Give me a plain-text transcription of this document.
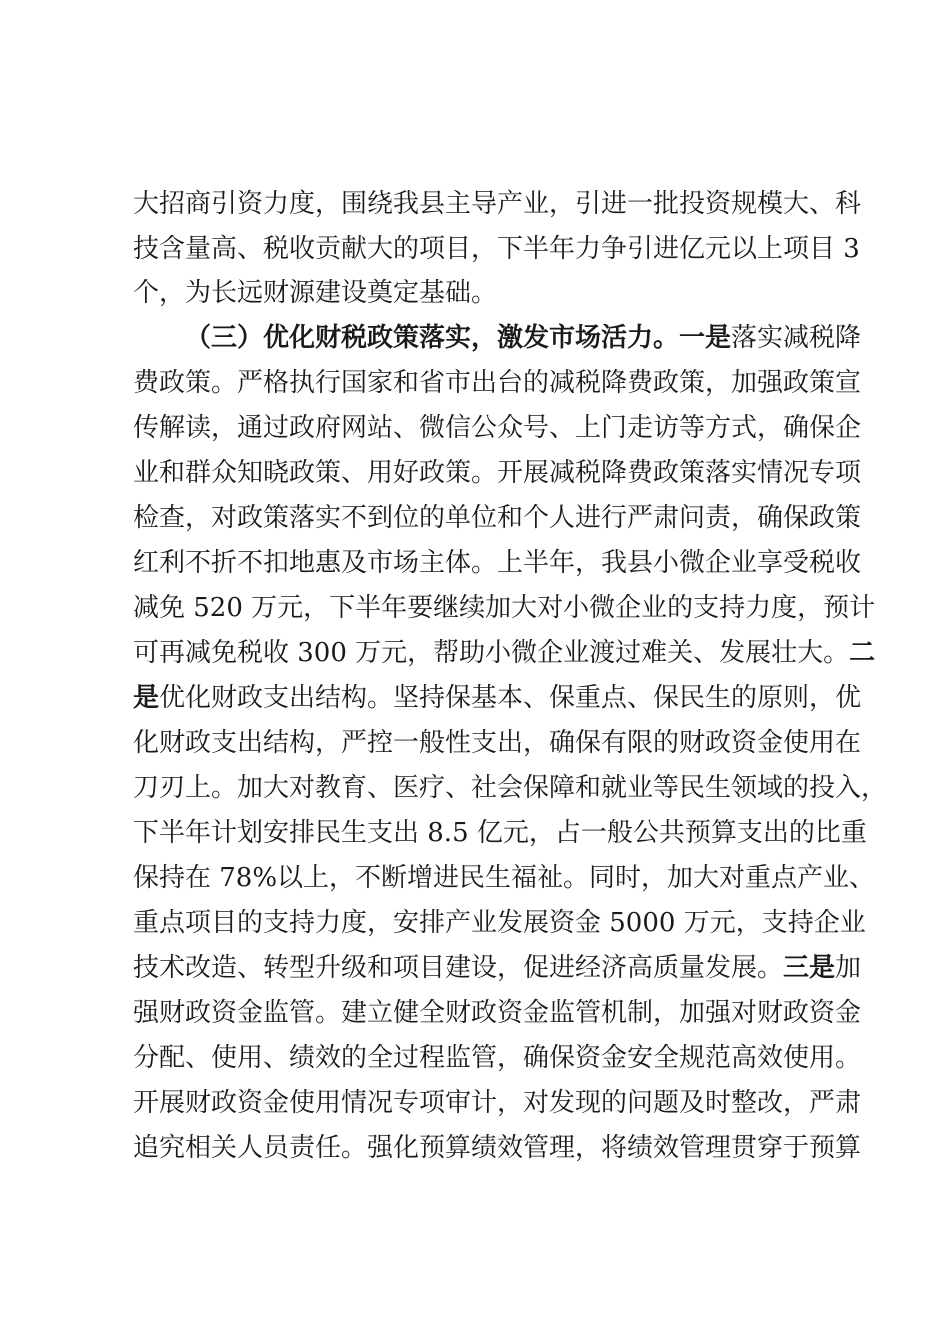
大招商引资力度，围绕我县主导产业，引进一批投资规模大、科

技含量高、税收贡献大的项目，下半年力争引进亿元以上项目 3

个，为长远财源建设奠定基础。

（三）优化财税政策落实，激发市场活力。一是落实减税降

费政策。严格执行国家和省市出台的减税降费政策，加强政策宣

传解读，通过政府网站、微信公众号、上门走访等方式，确保企

业和群众知晓政策、用好政策。开展减税降费政策落实情况专项

检查，对政策落实不到位的单位和个人进行严肃问责，确保政策

红利不折不扣地惠及市场主体。上半年，我县小微企业享受税收

减免 520 万元，下半年要继续加大对小微企业的支持力度，预计

可再减免税收 300 万元，帮助小微企业渡过难关、发展壮大。二

是优化财政支出结构。坚持保基本、保重点、保民生的原则，优

化财政支出结构，严控一般性支出，确保有限的财政资金使用在

刀刃上。加大对教育、医疗、社会保障和就业等民生领域的投入，

下半年计划安排民生支出 8.5 亿元，占一般公共预算支出的比重

保持在 78%以上，不断增进民生福祉。同时，加大对重点产业、

重点项目的支持力度，安排产业发展资金 5000 万元，支持企业

技术改造、转型升级和项目建设，促进经济高质量发展。三是加

强财政资金监管。建立健全财政资金监管机制，加强对财政资金

分配、使用、绩效的全过程监管，确保资金安全规范高效使用。

开展财政资金使用情况专项审计，对发现的问题及时整改，严肃

追究相关人员责任。强化预算绩效管理，将绩效管理贯穿于预算
